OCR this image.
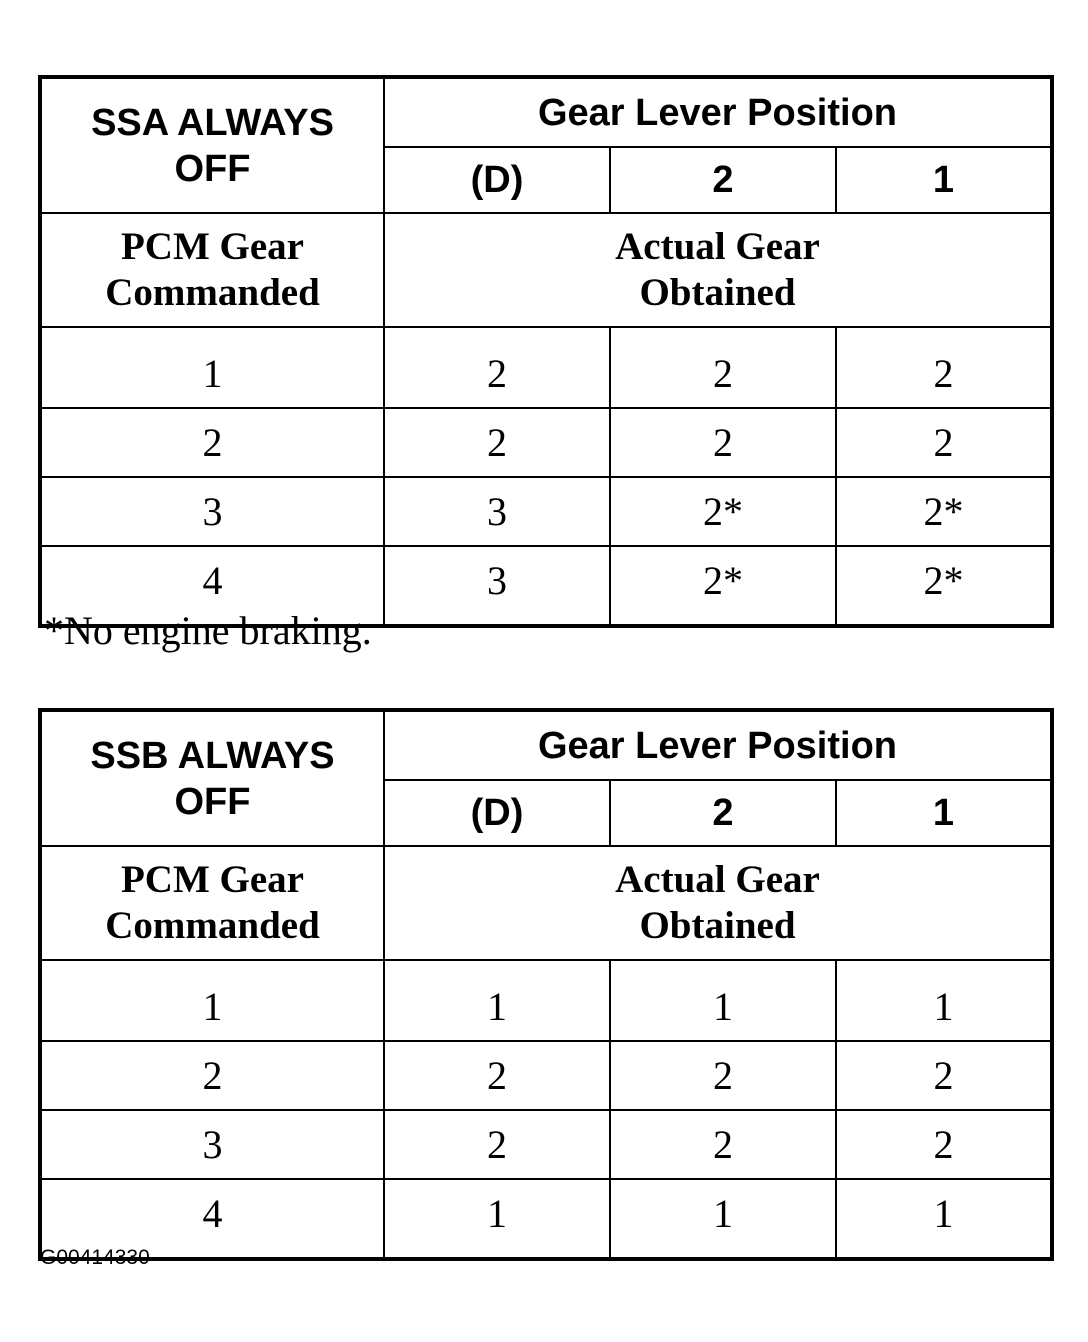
SSA ALWAYS
OFF	Gear Lever Position		
	(D)	2	1

PCM Gear
Commanded	Actual Gear
Obtained		

1	2	2	2
2	2	2	2
3	3	2*	2*
4	3	2*	2*
*No engine braking.
SSB ALWAYS
OFF	Gear Lever Position		
	(D)	2	1

PCM Gear
Commanded	Actual Gear
Obtained		

1	1	1	1
2	2	2	2
3	2	2	2
4	1	1	1
G00414330
